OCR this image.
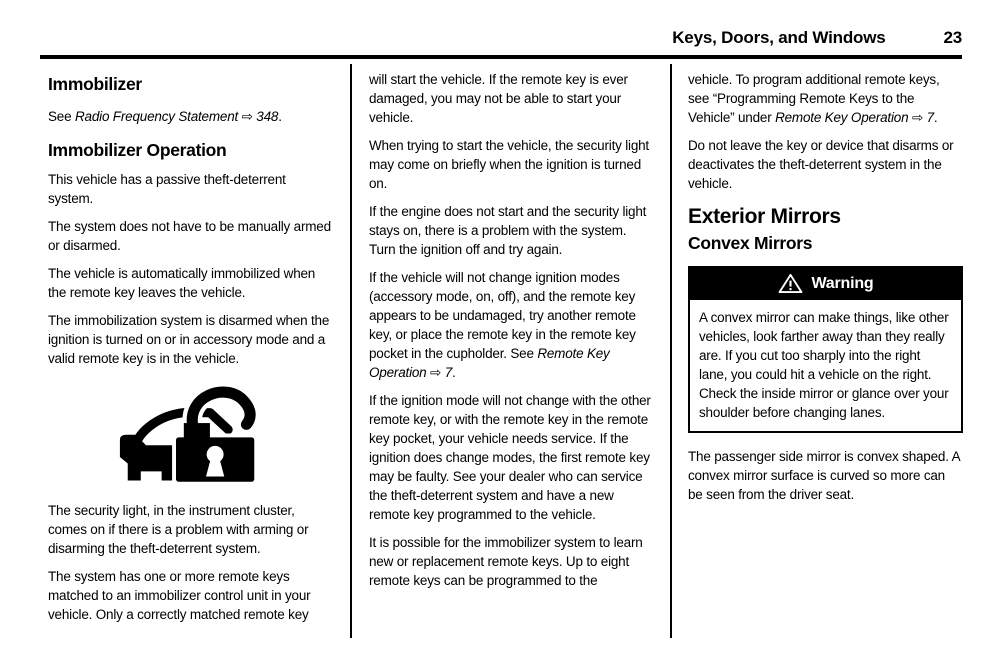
Keys, Doors, and Windows	23
Immobilizer

See Radio Frequency Statement ⇨ 348.

Immobilizer Operation

This vehicle has a passive theft-deterrent system.

The system does not have to be manually armed or disarmed.

The vehicle is automatically immobilized when the remote key leaves the vehicle.

The immobilization system is disarmed when the ignition is turned on or in accessory mode and a valid remote key is in the vehicle.

The security light, in the instrument cluster, comes on if there is a problem with arming or disarming the theft-deterrent system.

The system has one or more remote keys matched to an immobilizer control unit in your vehicle. Only a correctly matched remote key

will start the vehicle. If the remote key is ever damaged, you may not be able to start your vehicle.

When trying to start the vehicle, the security light may come on briefly when the ignition is turned on.

If the engine does not start and the security light stays on, there is a problem with the system. Turn the ignition off and try again.

If the vehicle will not change ignition modes (accessory mode, on, off), and the remote key appears to be undamaged, try another remote key, or place the remote key in the remote key pocket in the cupholder. See Remote Key Operation ⇨ 7.

If the ignition mode will not change with the other remote key, or with the remote key in the remote key pocket, your vehicle needs service. If the ignition does change modes, the first remote key may be faulty. See your dealer who can service the theft-deterrent system and have a new remote key programmed to the vehicle.

It is possible for the immobilizer system to learn new or replacement remote keys. Up to eight remote keys can be programmed to the

vehicle. To program additional remote keys, see “Programming Remote Keys to the Vehicle” under Remote Key Operation ⇨ 7.

Do not leave the key or device that disarms or deactivates the theft-deterrent system in the vehicle.

Exterior Mirrors
Convex Mirrors
Warning

A convex mirror can make things, like other vehicles, look farther away than they really are. If you cut too sharply into the right lane, you could hit a vehicle on the right. Check the inside mirror or glance over your shoulder before changing lanes.

The passenger side mirror is convex shaped. A convex mirror surface is curved so more can be seen from the driver seat.
